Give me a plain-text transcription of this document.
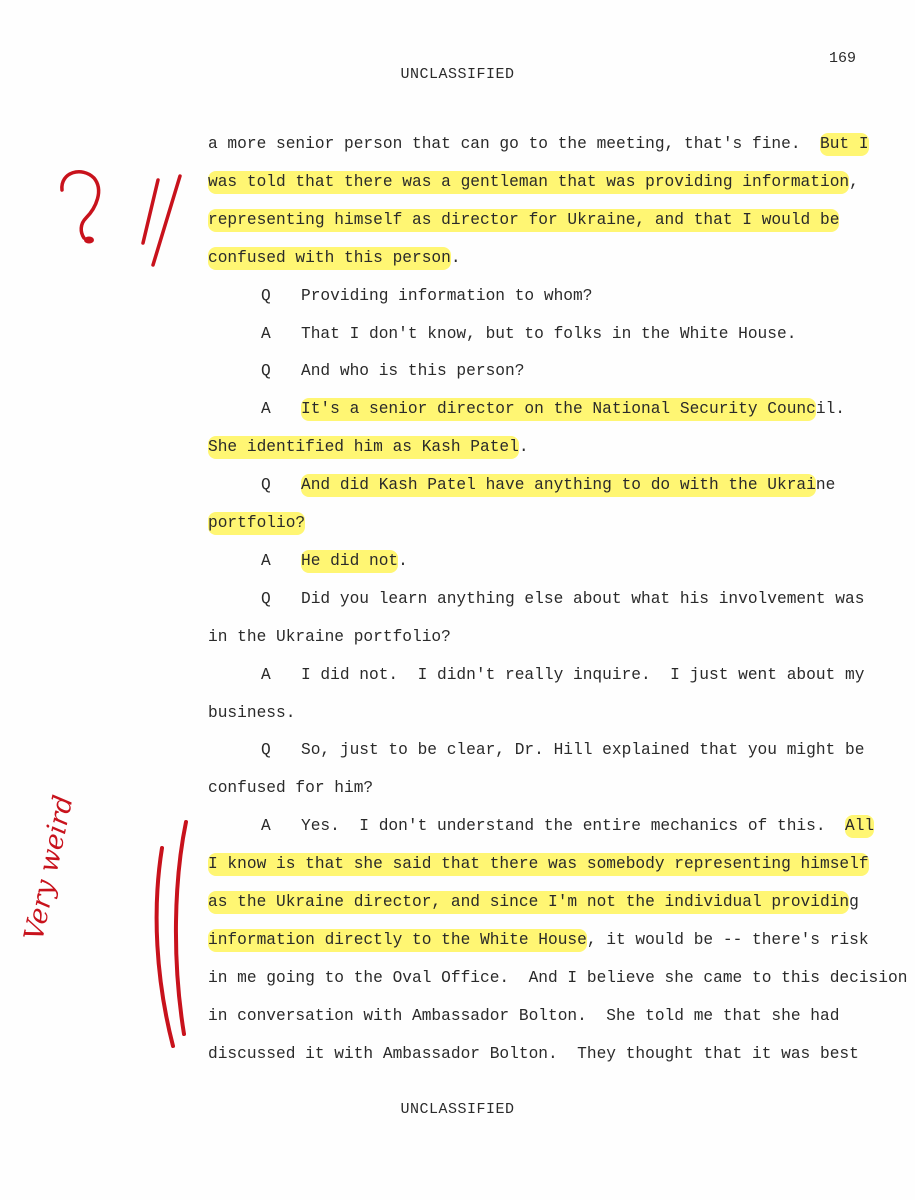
169
UNCLASSIFIED
a more senior person that can go to the meeting, that's fine.  But I
was told that there was a gentleman that was providing information,
representing himself as director for Ukraine, and that I would be
confused with this person.
Q Providing information to whom?
A That I don't know, but to folks in the White House.
Q And who is this person?
A It's a senior director on the National Security Council.
She identified him as Kash Patel.
Q And did Kash Patel have anything to do with the Ukraine
portfolio?
A He did not.
Q Did you learn anything else about what his involvement was
in the Ukraine portfolio?
A I did not.  I didn't really inquire.  I just went about my
business.
Q So, just to be clear, Dr. Hill explained that you might be
confused for him?
A Yes.  I don't understand the entire mechanics of this.  All
I know is that she said that there was somebody representing himself
as the Ukraine director, and since I'm not the individual providing
information directly to the White House, it would be -- there's risk
in me going to the Oval Office.  And I believe she came to this decision
in conversation with Ambassador Bolton.  She told me that she had
discussed it with Ambassador Bolton.  They thought that it was best
UNCLASSIFIED
Very weird
